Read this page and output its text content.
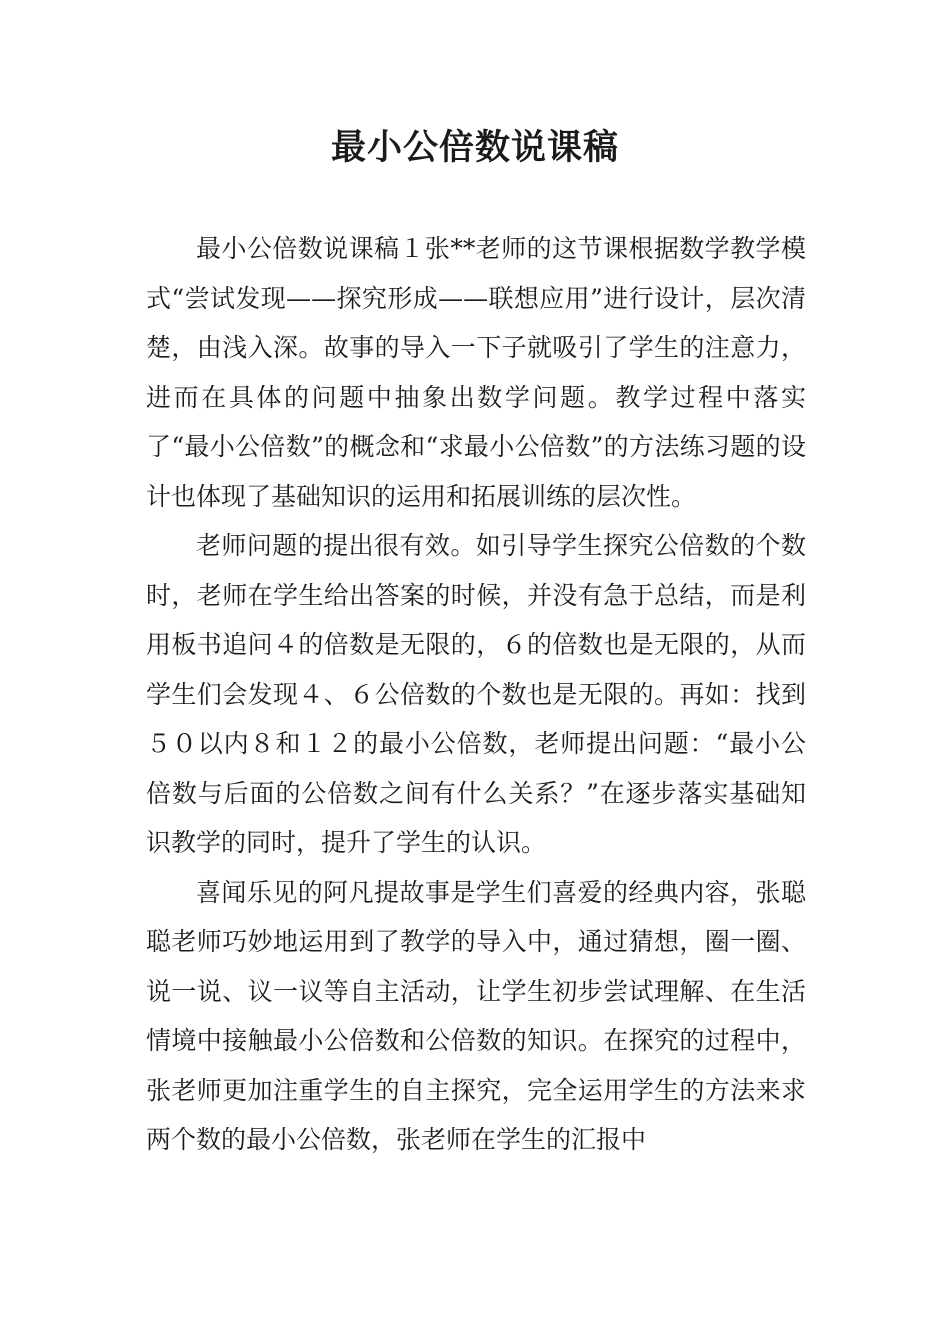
最小公倍数说课稿

最小公倍数说课稿１张**老师的这节课根据数学教学模式“尝试发现——探究形成——联想应用”进行设计，层次清楚，由浅入深。故事的导入一下子就吸引了学生的注意力，进而在具体的问题中抽象出数学问题。教学过程中落实了“最小公倍数”的概念和“求最小公倍数”的方法练习题的设计也体现了基础知识的运用和拓展训练的层次性。

老师问题的提出很有效。如引导学生探究公倍数的个数时，老师在学生给出答案的时候，并没有急于总结，而是利用板书追问４的倍数是无限的，６的倍数也是无限的，从而学生们会发现４、６公倍数的个数也是无限的。再如：找到５０以内８和１２的最小公倍数，老师提出问题：“最小公倍数与后面的公倍数之间有什么关系？”在逐步落实基础知识教学的同时，提升了学生的认识。

喜闻乐见的阿凡提故事是学生们喜爱的经典内容，张聪聪老师巧妙地运用到了教学的导入中，通过猜想，圈一圈、说一说、议一议等自主活动，让学生初步尝试理解、在生活情境中接触最小公倍数和公倍数的知识。在探究的过程中，张老师更加注重学生的自主探究，完全运用学生的方法来求两个数的最小公倍数，张老师在学生的汇报中
